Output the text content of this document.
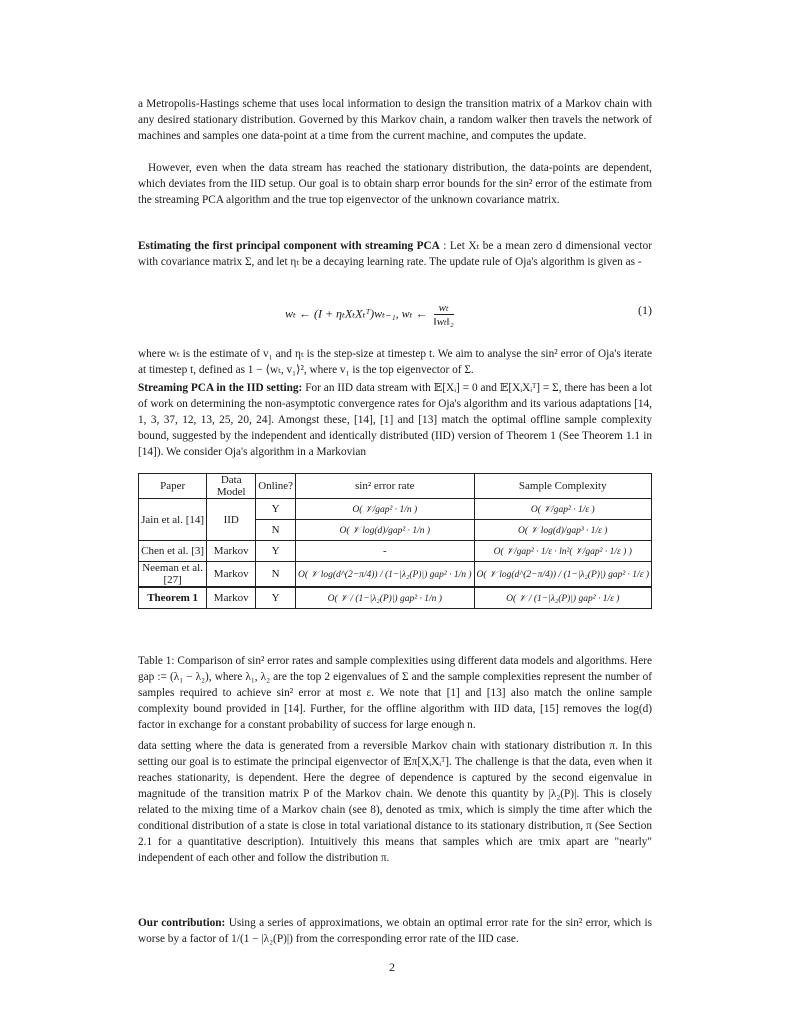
a Metropolis-Hastings scheme that uses local information to design the transition matrix of a Markov chain with any desired stationary distribution. Governed by this Markov chain, a random walker then travels the network of machines and samples one data-point at a time from the current machine, and computes the update.

However, even when the data stream has reached the stationary distribution, the data-points are dependent, which deviates from the IID setup. Our goal is to obtain sharp error bounds for the sin² error of the estimate from the streaming PCA algorithm and the true top eigenvector of the unknown covariance matrix.

Estimating the first principal component with streaming PCA : Let Xₜ be a mean zero d dimensional vector with covariance matrix Σ, and let ηₜ be a decaying learning rate. The update rule of Oja's algorithm is given as -

wₜ ← (I + ηₜXₜXₜᵀ)wₜ₋₁, wₜ ← $\frac{\text{wₜ}}{\text{‖wₜ‖₂}}$	(1)

where wₜ is the estimate of v₁ and ηₜ is the step-size at timestep t. We aim to analyse the sin² error of Oja's iterate at timestep t, defined as 1 − ⟨wₜ, v₁⟩², where v₁ is the top eigenvector of Σ.

Streaming PCA in the IID setting: For an IID data stream with 𝔼[Xᵢ] = 0 and 𝔼[XᵢXᵢᵀ] = Σ, there has been a lot of work on determining the non-asymptotic convergence rates for Oja's algorithm and its various adaptations [14, 1, 3, 37, 12, 13, 25, 20, 24]. Amongst these, [14], [1] and [13] match the optimal offline sample complexity bound, suggested by the independent and identically distributed (IID) version of Theorem 1 (See Theorem 1.1 in [14]). We consider Oja's algorithm in a Markovian

Paper	Data Model	Online?	sin² error rate	Sample Complexity
Jain et al. [14]	IID	Y	O( 𝒱/gap² · 1/n )	O( 𝒱/gap² · 1/ε )
		N	O( 𝒱 log(d)/gap² · 1/n )	O( 𝒱 log(d)/gap³ · 1/ε )
Chen et al. [3]	Markov	Y	-	O( 𝒱/gap² · 1/ε · ln²( 𝒱/gap² · 1/ε ) )
Neeman et al. [27]	Markov	N	O( 𝒱 log(d^(2−π/4)) / (1−|λ₂(P)|) gap² · 1/n )	O( 𝒱 log(d^(2−π/4)) / (1−|λ₂(P)|) gap² · 1/ε )
Theorem 1	Markov	Y	O( 𝒱 / (1−|λ₂(P)|) gap² · 1/n )	O( 𝒱 / (1−|λ₂(P)|) gap² · 1/ε )

Table 1: Comparison of sin² error rates and sample complexities using different data models and algorithms. Here gap := (λ₁ − λ₂), where λ₁, λ₂ are the top 2 eigenvalues of Σ and the sample complexities represent the number of samples required to achieve sin² error at most ε. We note that [1] and [13] also match the online sample complexity bound provided in [14]. Further, for the offline algorithm with IID data, [15] removes the log(d) factor in exchange for a constant probability of success for large enough n.

data setting where the data is generated from a reversible Markov chain with stationary distribution π. In this setting our goal is to estimate the principal eigenvector of 𝔼π[XᵢXᵢᵀ]. The challenge is that the data, even when it reaches stationarity, is dependent. Here the degree of dependence is captured by the second eigenvalue in magnitude of the transition matrix P of the Markov chain. We denote this quantity by |λ₂(P)|. This is closely related to the mixing time of a Markov chain (see 8), denoted as τmix, which is simply the time after which the conditional distribution of a state is close in total variational distance to its stationary distribution, π (See Section 2.1 for a quantitative description). Intuitively this means that samples which are τmix apart are "nearly" independent of each other and follow the distribution π.

Our contribution: Using a series of approximations, we obtain an optimal error rate for the sin² error, which is worse by a factor of 1/(1 − |λ₂(P)|) from the corresponding error rate of the IID case.

2
